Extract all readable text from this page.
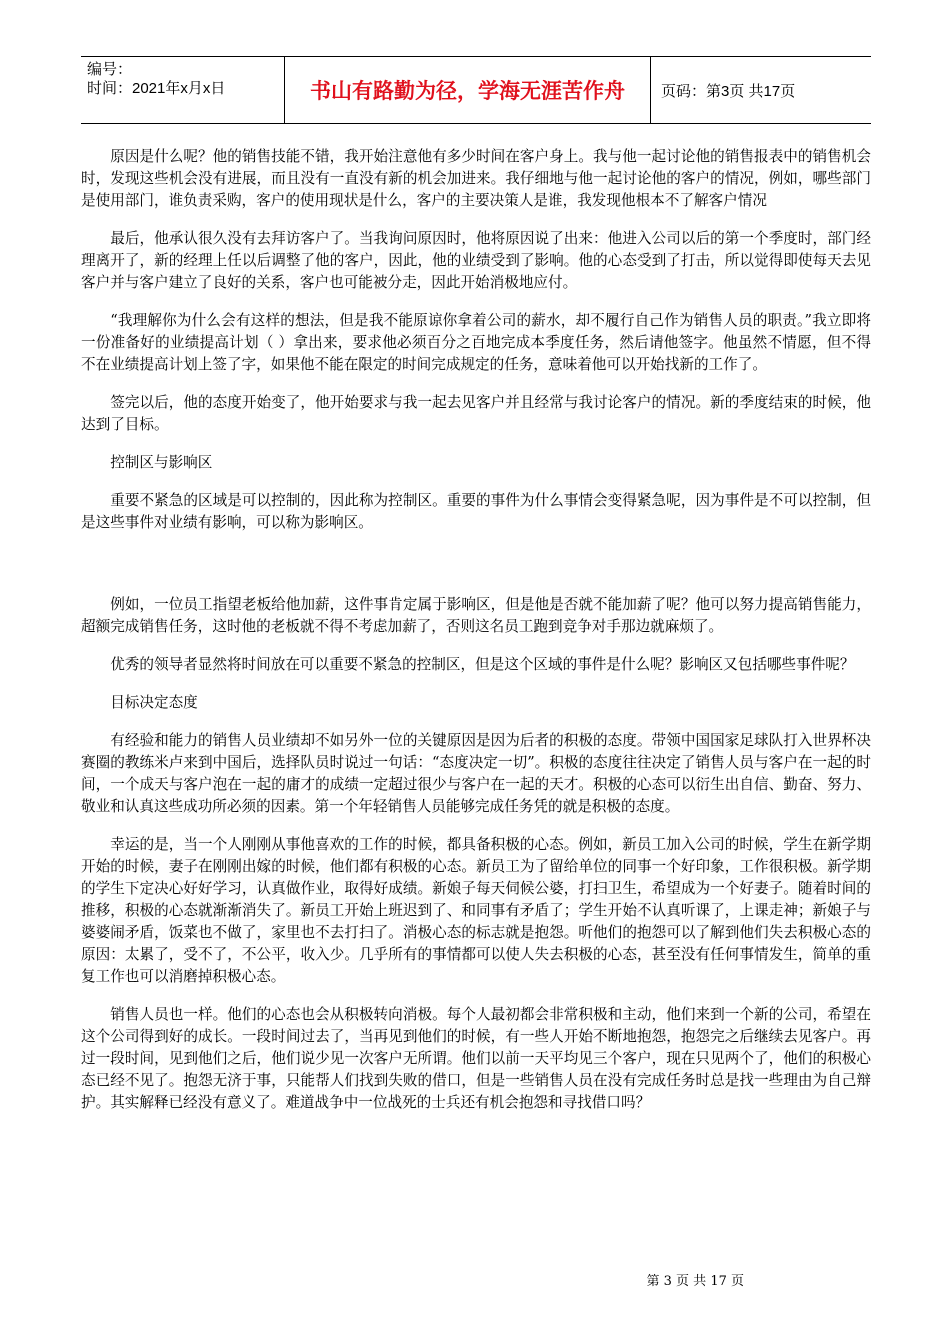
编号：
时间：2021年x月x日	书山有路勤为径，学海无涯苦作舟	页码：第3页 共17页

原因是什么呢？他的销售技能不错，我开始注意他有多少时间在客户身上。我与他一起讨论他的销售报表中的销售机会时，发现这些机会没有进展，而且没有一直没有新的机会加进来。我仔细地与他一起讨论他的客户的情况，例如，哪些部门是使用部门，谁负责采购，客户的使用现状是什么，客户的主要决策人是谁，我发现他根本不了解客户情况

最后，他承认很久没有去拜访客户了。当我询问原因时，他将原因说了出来：他进入公司以后的第一个季度时，部门经理离开了，新的经理上任以后调整了他的客户，因此，他的业绩受到了影响。他的心态受到了打击，所以觉得即使每天去见客户并与客户建立了良好的关系，客户也可能被分走，因此开始消极地应付。

“我理解你为什么会有这样的想法，但是我不能原谅你拿着公司的薪水，却不履行自己作为销售人员的职责。”我立即将一份准备好的业绩提高计划（ ）拿出来，要求他必须百分之百地完成本季度任务，然后请他签字。他虽然不情愿，但不得不在业绩提高计划上签了字，如果他不能在限定的时间完成规定的任务，意味着他可以开始找新的工作了。

签完以后，他的态度开始变了，他开始要求与我一起去见客户并且经常与我讨论客户的情况。新的季度结束的时候，他达到了目标。

控制区与影响区

重要不紧急的区域是可以控制的，因此称为控制区。重要的事件为什么事情会变得紧急呢，因为事件是不可以控制，但是这些事件对业绩有影响，可以称为影响区。

例如，一位员工指望老板给他加薪，这件事肯定属于影响区，但是他是否就不能加薪了呢？他可以努力提高销售能力，超额完成销售任务，这时他的老板就不得不考虑加薪了，否则这名员工跑到竞争对手那边就麻烦了。

优秀的领导者显然将时间放在可以重要不紧急的控制区，但是这个区域的事件是什么呢？影响区又包括哪些事件呢？

目标决定态度

有经验和能力的销售人员业绩却不如另外一位的关键原因是因为后者的积极的态度。带领中国国家足球队打入世界杯决赛圈的教练米卢来到中国后，选择队员时说过一句话：“态度决定一切”。积极的态度往往决定了销售人员与客户在一起的时间，一个成天与客户泡在一起的庸才的成绩一定超过很少与客户在一起的天才。积极的心态可以衍生出自信、勤奋、努力、敬业和认真这些成功所必须的因素。第一个年轻销售人员能够完成任务凭的就是积极的态度。

幸运的是，当一个人刚刚从事他喜欢的工作的时候，都具备积极的心态。例如，新员工加入公司的时候，学生在新学期开始的时候，妻子在刚刚出嫁的时候，他们都有积极的心态。新员工为了留给单位的同事一个好印象，工作很积极。新学期的学生下定决心好好学习，认真做作业，取得好成绩。新娘子每天伺候公婆，打扫卫生，希望成为一个好妻子。随着时间的推移，积极的心态就渐渐消失了。新员工开始上班迟到了、和同事有矛盾了；学生开始不认真听课了，上课走神；新娘子与婆婆闹矛盾，饭菜也不做了，家里也不去打扫了。消极心态的标志就是抱怨。听他们的抱怨可以了解到他们失去积极心态的原因：太累了，受不了，不公平，收入少。几乎所有的事情都可以使人失去积极的心态，甚至没有任何事情发生，简单的重复工作也可以消磨掉积极心态。

销售人员也一样。他们的心态也会从积极转向消极。每个人最初都会非常积极和主动，他们来到一个新的公司，希望在这个公司得到好的成长。一段时间过去了，当再见到他们的时候，有一些人开始不断地抱怨，抱怨完之后继续去见客户。再过一段时间，见到他们之后，他们说少见一次客户无所谓。他们以前一天平均见三个客户，现在只见两个了，他们的积极心态已经不见了。抱怨无济于事，只能帮人们找到失败的借口，但是一些销售人员在没有完成任务时总是找一些理由为自己辩护。其实解释已经没有意义了。难道战争中一位战死的士兵还有机会抱怨和寻找借口吗？

第 3 页 共 17 页
